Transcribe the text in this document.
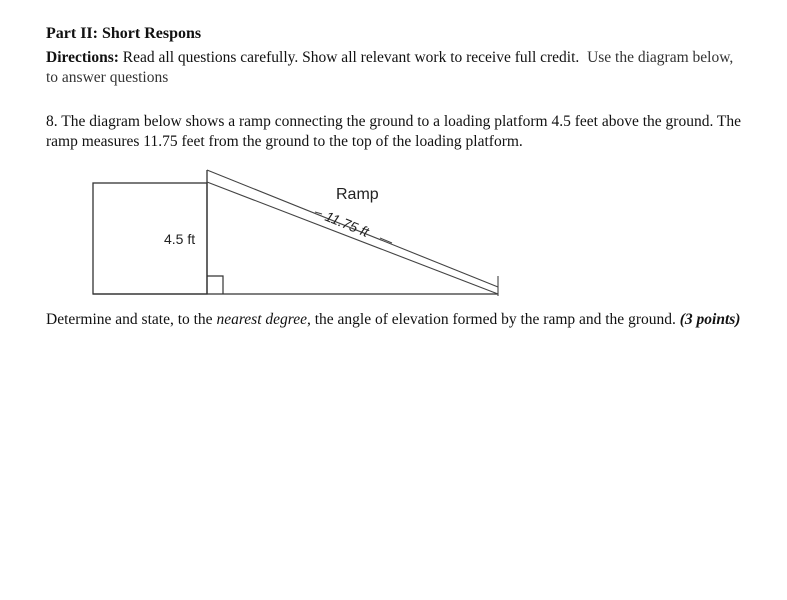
Part II: Short Respons
Directions: Read all questions carefully. Show all relevant work to receive full credit. Use the diagram below, to answer questions
8. The diagram below shows a ramp connecting the ground to a loading platform 4.5 feet above the ground. The ramp measures 11.75 feet from the ground to the top of the loading platform.
Ramp
11.75 ft
4.5 ft
Determine and state, to the nearest degree, the angle of elevation formed by the ramp and the ground. (3 points)
